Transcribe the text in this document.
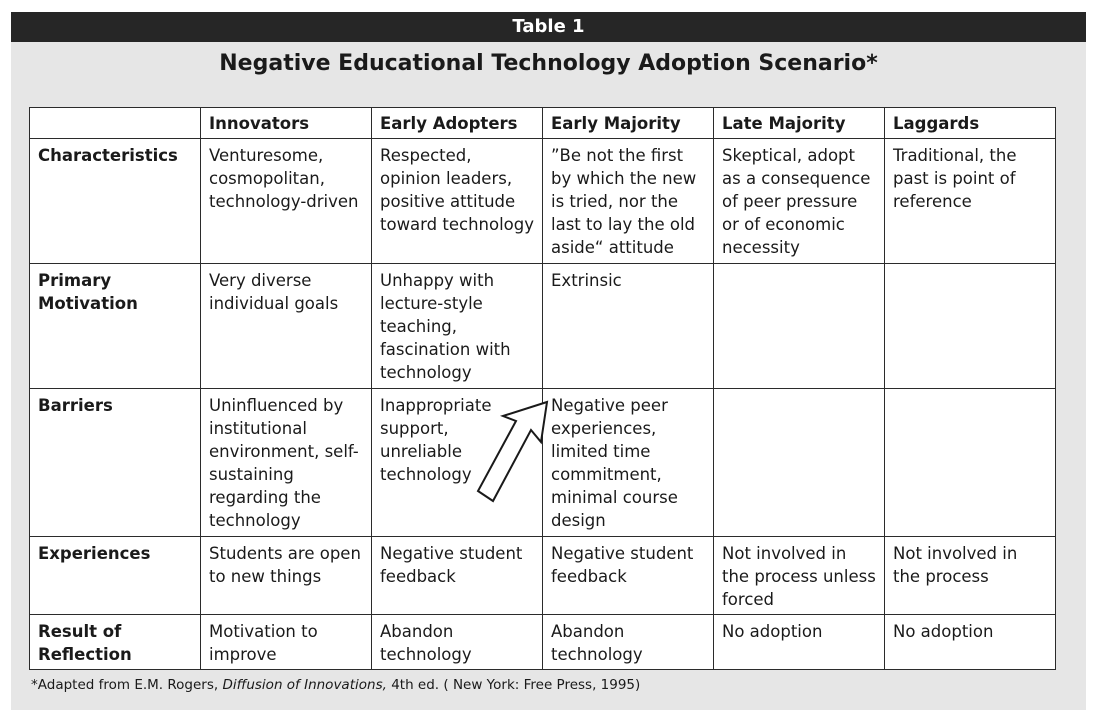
Table 1
Negative Educational Technology Adoption Scenario*
	Innovators	Early Adopters	Early Majority	Late Majority	Laggards
Characteristics	Venturesome, cosmopolitan, technology-driven	Respected, opinion leaders, positive attitude toward technology	”Be not the first by which the new is tried, nor the last to lay the old aside“ attitude	Skeptical, adopt as a consequence of peer pressure or of economic necessity	Traditional, the past is point of reference
Primary Motivation	Very diverse individual goals	Unhappy with lecture-style teaching, fascination with technology	Extrinsic		
Barriers	Uninfluenced by institutional environment, self-sustaining regarding the technology	Inappropriate support, unreliable technology	Negative peer experiences, limited time commitment, minimal course design		
Experiences	Students are open to new things	Negative student feedback	Negative student feedback	Not involved in the process unless forced	Not involved in the process
Result of Reflection	Motivation to improve	Abandon technology	Abandon technology	No adoption	No adoption
*Adapted from E.M. Rogers, Diffusion of Innovations, 4th ed. ( New York: Free Press, 1995)
